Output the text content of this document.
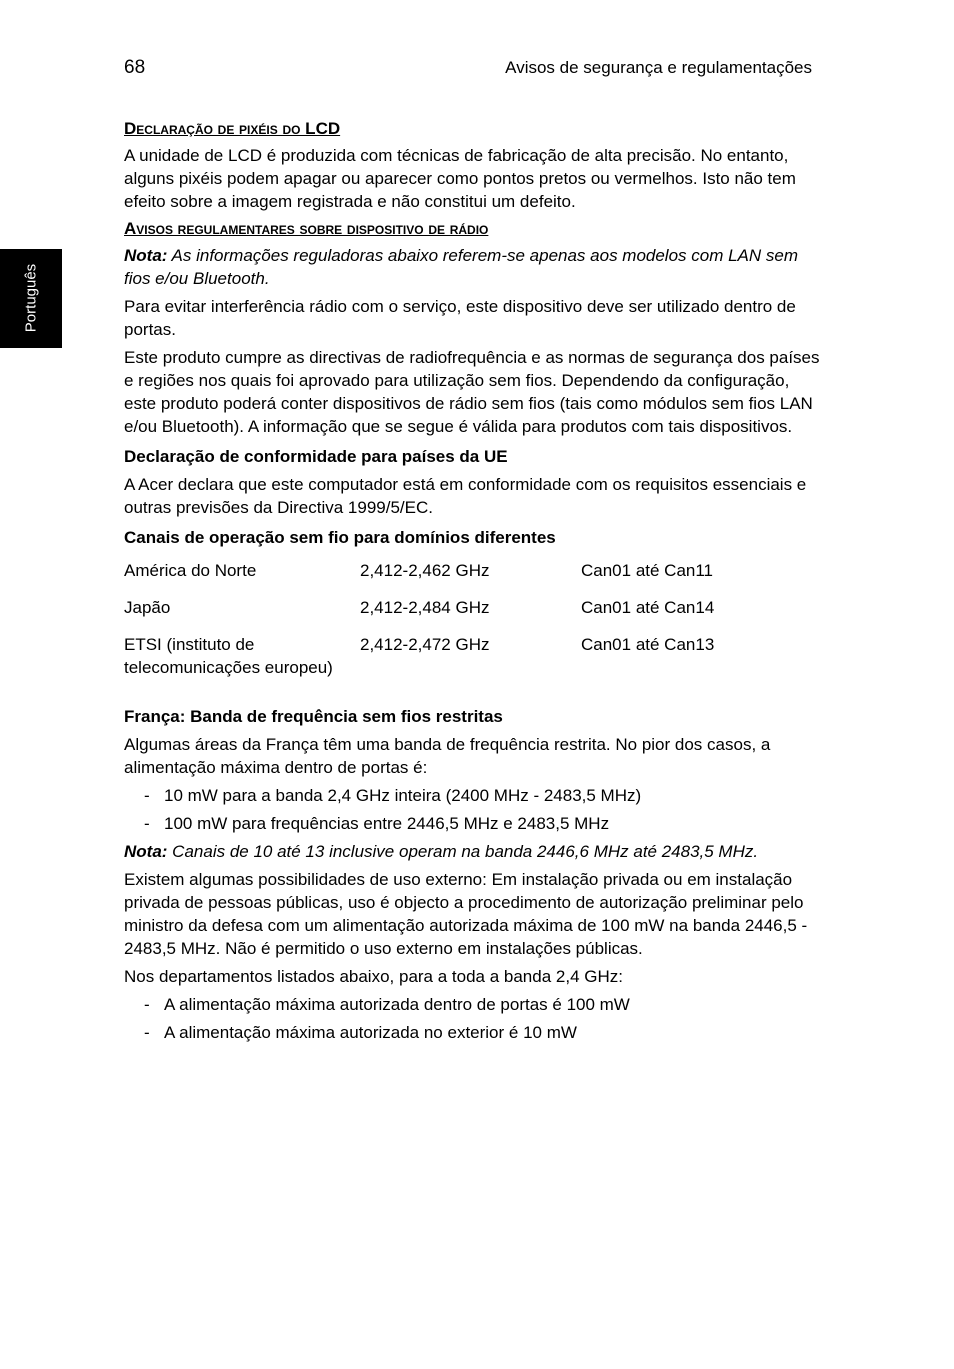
68	Avisos de segurança e regulamentações
Português
Declaração de pixéis do LCD

A unidade de LCD é produzida com técnicas de fabricação de alta precisão. No entanto, alguns pixéis podem apagar ou aparecer como pontos pretos ou vermelhos. Isto não tem efeito sobre a imagem registrada e não constitui um defeito.

Avisos regulamentares sobre dispositivo de rádio

Nota: As informações reguladoras abaixo referem-se apenas aos modelos com LAN sem fios e/ou Bluetooth.

Para evitar interferência rádio com o serviço, este dispositivo deve ser utilizado dentro de portas.

Este produto cumpre as directivas de radiofrequência e as normas de segurança dos países e regiões nos quais foi aprovado para utilização sem fios. Dependendo da configuração, este produto poderá conter dispositivos de rádio sem fios (tais como módulos sem fios LAN e/ou Bluetooth). A informação que se segue é válida para produtos com tais dispositivos.

Declaração de conformidade para países da UE

A Acer declara que este computador está em conformidade com os requisitos essenciais e outras previsões da Directiva 1999/5/EC.

Canais de operação sem fio para domínios diferentes

América do Norte	2,412-2,462 GHz	Can01 até Can11
Japão	2,412-2,484 GHz	Can01 até Can14
ETSI (instituto de telecomunicações europeu)	2,412-2,472 GHz	Can01 até Can13

França: Banda de frequência sem fios restritas

Algumas áreas da França têm uma banda de frequência restrita. No pior dos casos, a alimentação máxima dentro de portas é:

- 10 mW para a banda 2,4 GHz inteira (2400 MHz - 2483,5 MHz)
- 100 mW para frequências entre 2446,5 MHz e 2483,5 MHz

Nota: Canais de 10 até 13 inclusive operam na banda 2446,6 MHz até 2483,5 MHz.

Existem algumas possibilidades de uso externo: Em instalação privada ou em instalação privada de pessoas públicas, uso é objecto a procedimento de autorização preliminar pelo ministro da defesa com um alimentação autorizada máxima de 100 mW na banda 2446,5 - 2483,5 MHz. Não é permitido o uso externo em instalações públicas.

Nos departamentos listados abaixo, para a toda a banda 2,4 GHz:

- A alimentação máxima autorizada dentro de portas é 100 mW
- A alimentação máxima autorizada no exterior é 10 mW
